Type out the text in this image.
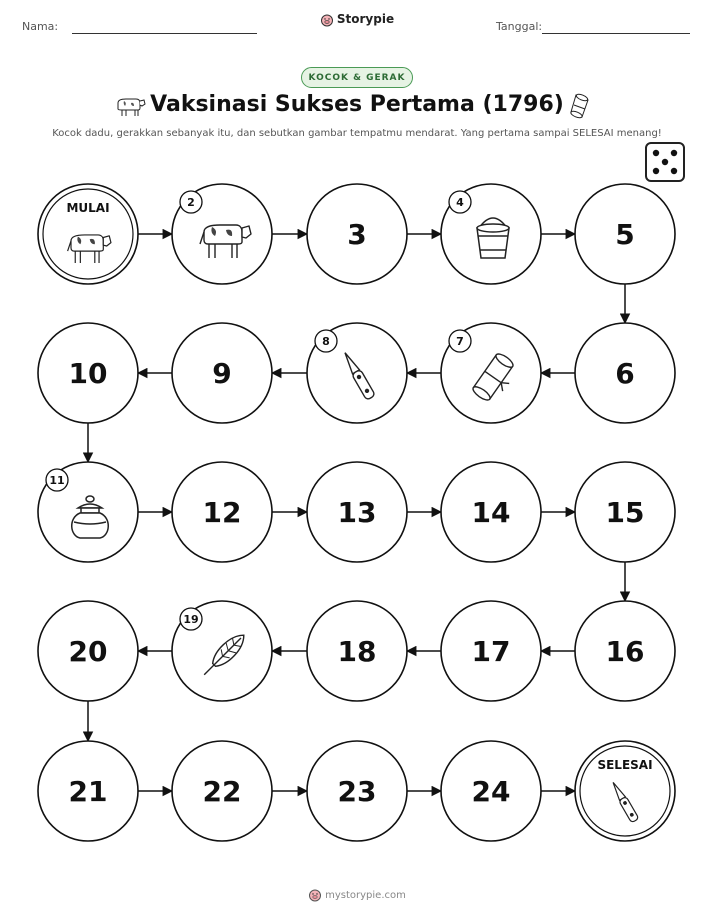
Nama:
Storypie
Tanggal:
KOCOK & GERAK
Vaksinasi Sukses Pertama (1796)
Kocok dadu, gerakkan sebanyak itu, dan sebutkan gambar tempatmu mendarat. Yang pertama sampai SELESAI menang!
MULAI	2
3
4
5
6
7
8
9
10
11
12	13	14	15
16
17
18
19
20
21	22	23	24
SELESAI
mystorypie.com
